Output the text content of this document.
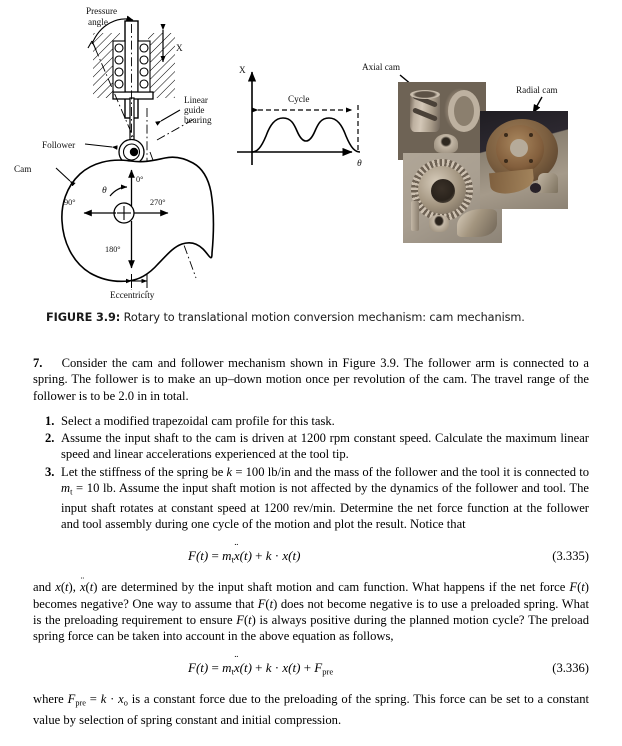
Pressure
angle
X
Linear
guide
bearing
Follower
Cam
0°
90°
180°
270°
θ
Eccentricity
X
θ
Cycle
Axial cam
Radial cam
FIGURE 3.9: Rotary to translational motion conversion mechanism: cam mechanism.

7. Consider the cam and follower mechanism shown in Figure 3.9. The follower arm is connected to a spring. The follower is to make an up–down motion once per revolution of the cam. The travel range of the follower is to be 2.0 in in total.

1. Select a modified trapezoidal cam profile for this task.
2. Assume the input shaft to the cam is driven at 1200 rpm constant speed. Calculate the maximum linear speed and linear accelerations experienced at the tool tip.
3. Let the stiffness of the spring be k = 100 lb/in and the mass of the follower and the tool it is connected to $m_t = 10$ lb. Assume the input shaft motion is not affected by the dynamics of the follower and tool. The input shaft rotates at constant speed at 1200 rev/min. Determine the net force function at the follower and tool assembly during one cycle of the motion and plot the result. Notice that
$F(t) = m_tx$ ¨(t) + k · x(t)	(3.335)

and x(t), x ¨(t) are determined by the input shaft motion and cam function. What happens if the net force F(t) becomes negative? One way to assume that F(t) does not become negative is to use a preloaded spring. What is the preloading requirement to ensure F(t) is always positive during the planned motion cycle? The preload spring force can be taken into account in the above equation as follows,

$F(t) = m_tx$ ¨(t) + $k \cdot x(t) + F_{pre}$	(3.336)

where $F_{pre} = k \cdot x_o$ is a constant force due to the preloading of the spring. This force can be set to a constant value by selection of spring constant and initial compression.
